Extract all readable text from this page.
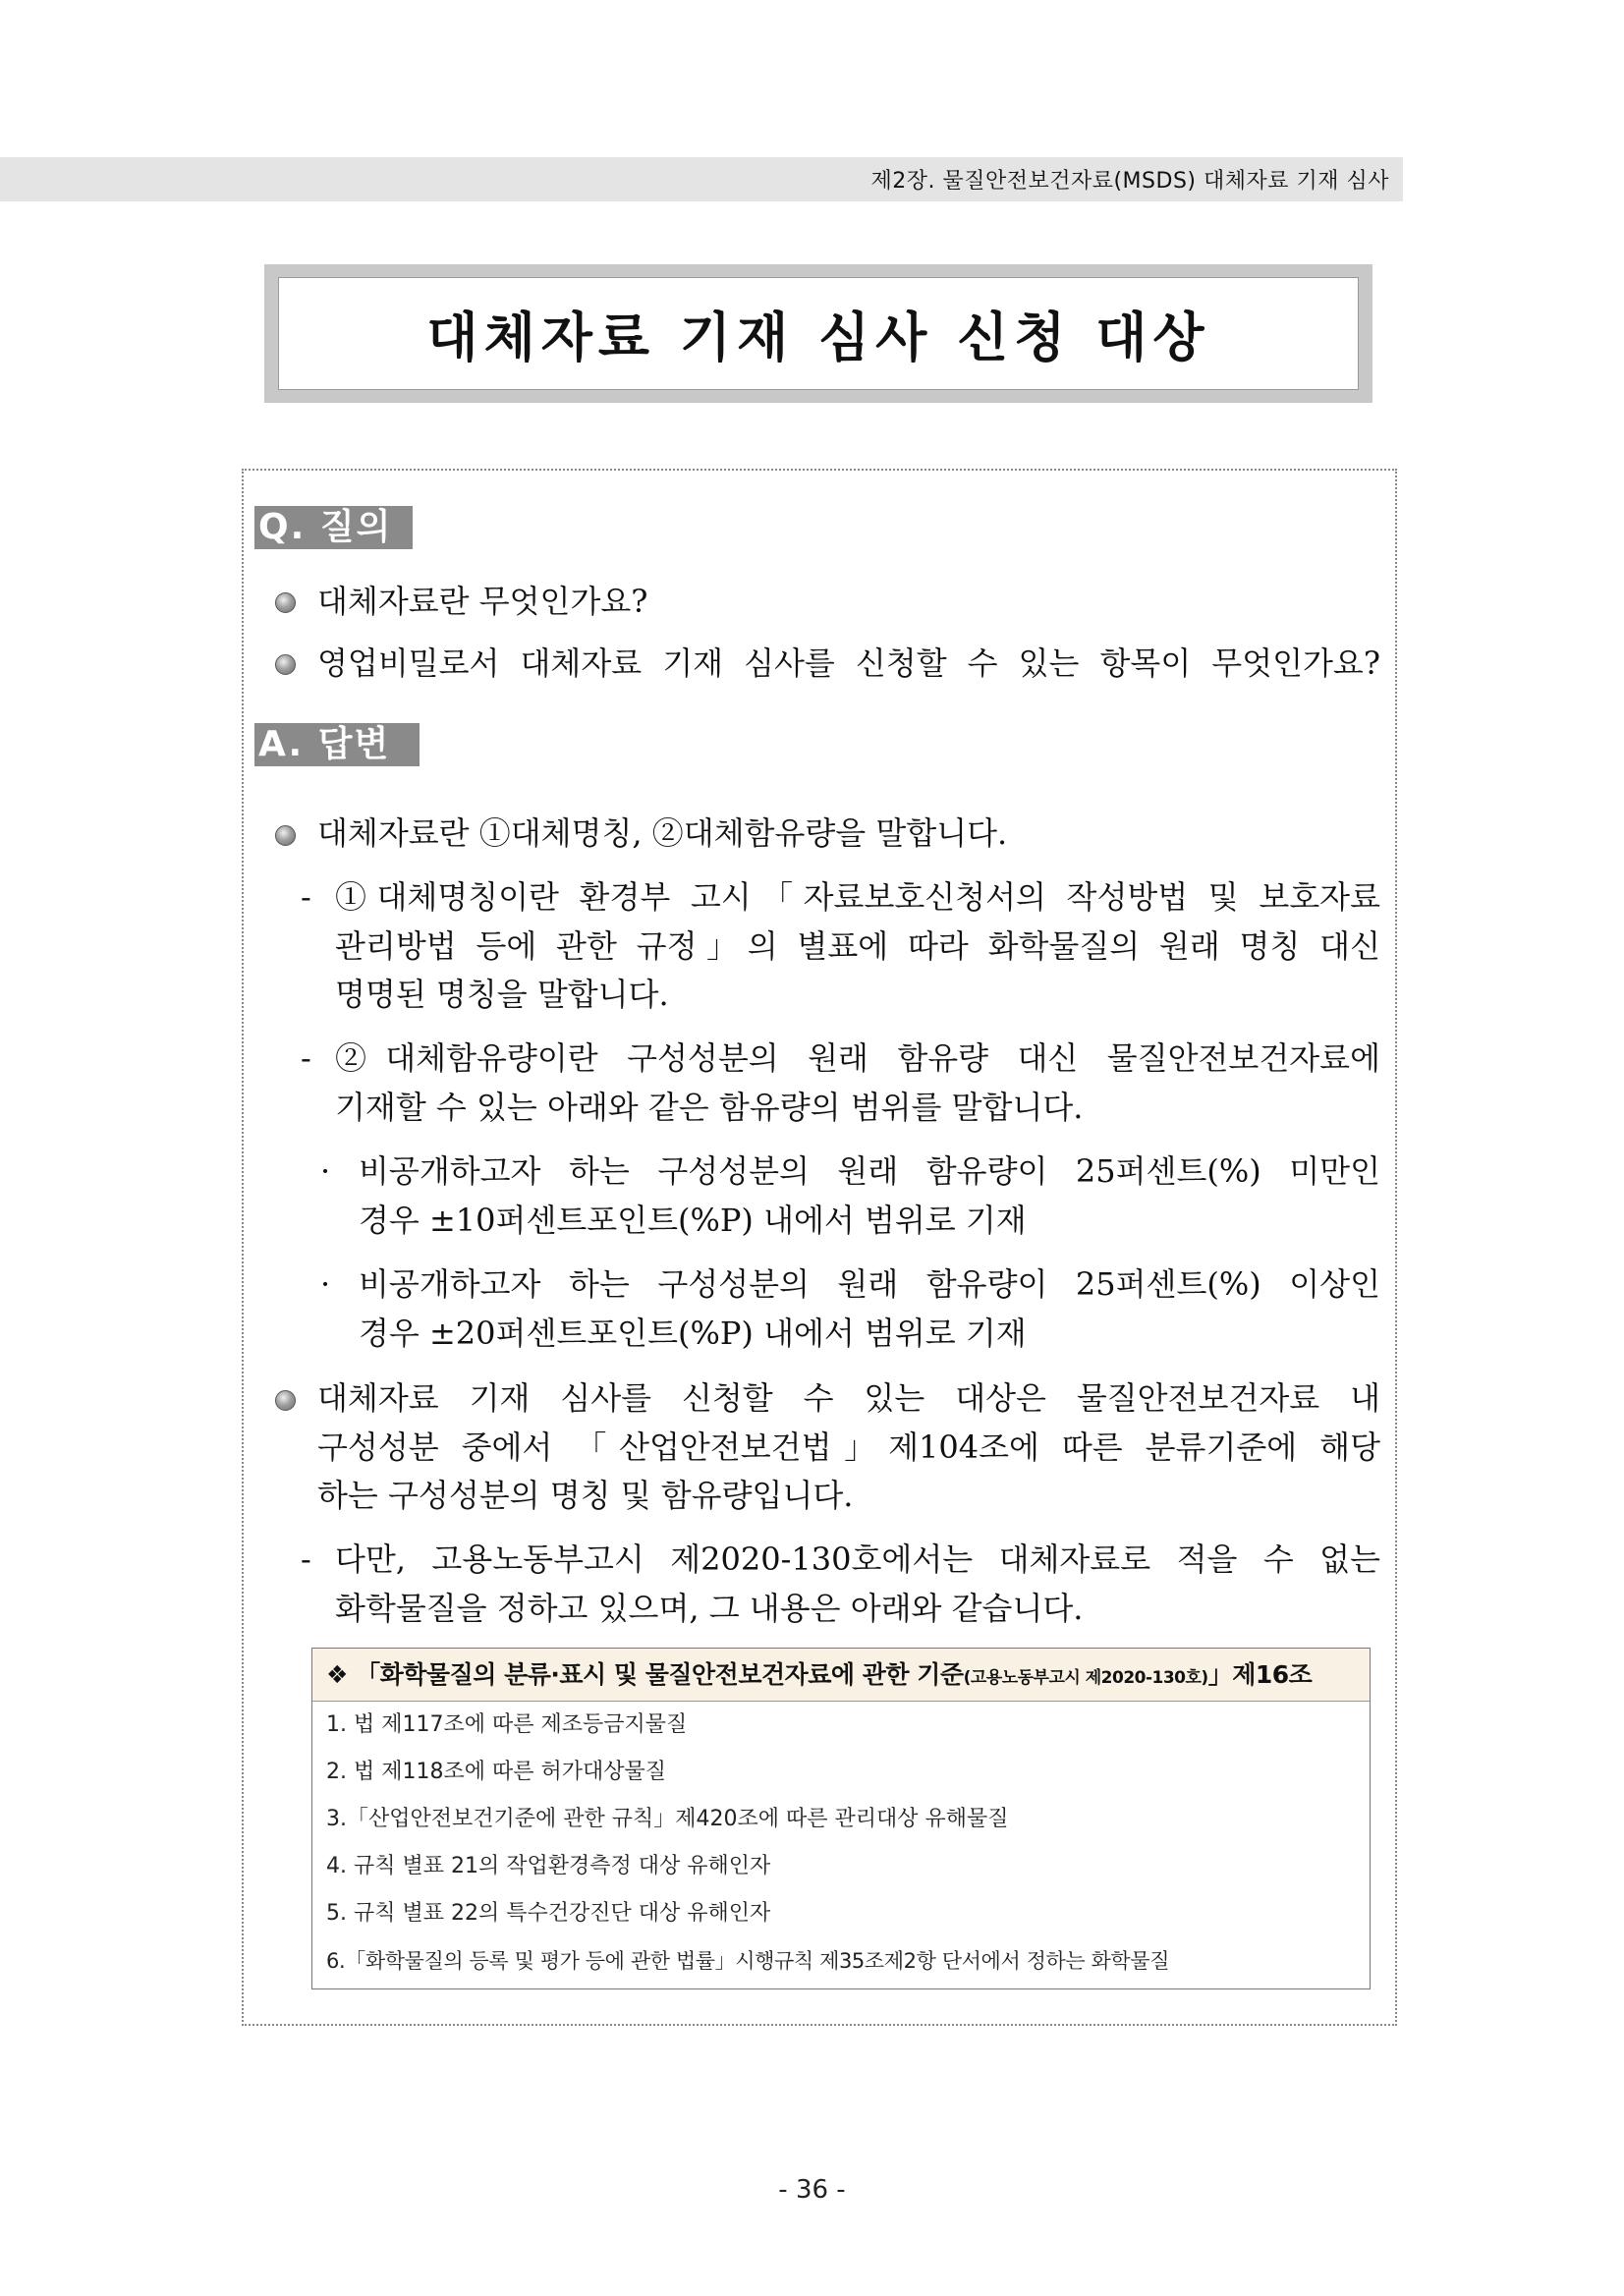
제2장. 물질안전보건자료(MSDS) 대체자료 기재 심사
대체자료 기재 심사 신청 대상
Q. 질의
대체자료란 무엇인가요?
영업비밀로서 대체자료 기재 심사를 신청할 수 있는 항목이 무엇인가요?
A. 답변
대체자료란 ①대체명칭, ②대체함유량을 말합니다.
- ①대체명칭이란 환경부 고시「자료보호신청서의 작성방법 및 보호자료
관리방법 등에 관한 규정」의 별표에 따라 화학물질의 원래 명칭 대신
명명된 명칭을 말합니다.
- ②대체함유량이란 구성성분의 원래 함유량 대신 물질안전보건자료에
기재할 수 있는 아래와 같은 함유량의 범위를 말합니다.
· 비공개하고자 하는 구성성분의 원래 함유량이 25퍼센트(%) 미만인
경우 ±10퍼센트포인트(%P) 내에서 범위로 기재
· 비공개하고자 하는 구성성분의 원래 함유량이 25퍼센트(%) 이상인
경우 ±20퍼센트포인트(%P) 내에서 범위로 기재
대체자료 기재 심사를 신청할 수 있는 대상은 물질안전보건자료 내
구성성분 중에서 「산업안전보건법」제104조에 따른 분류기준에 해당
하는 구성성분의 명칭 및 함유량입니다.
- 다만, 고용노동부고시 제2020-130호에서는 대체자료로 적을 수 없는
화학물질을 정하고 있으며, 그 내용은 아래와 같습니다.
❖ 「화학물질의 분류·표시 및 물질안전보건자료에 관한 기준(고용노동부고시 제2020-130호)」제16조
1. 법 제117조에 따른 제조등금지물질
2. 법 제118조에 따른 허가대상물질
3.「산업안전보건기준에 관한 규칙」제420조에 따른 관리대상 유해물질
4. 규칙 별표 21의 작업환경측정 대상 유해인자
5. 규칙 별표 22의 특수건강진단 대상 유해인자
6.「화학물질의 등록 및 평가 등에 관한 법률」시행규칙 제35조제2항 단서에서 정하는 화학물질
- 36 -
